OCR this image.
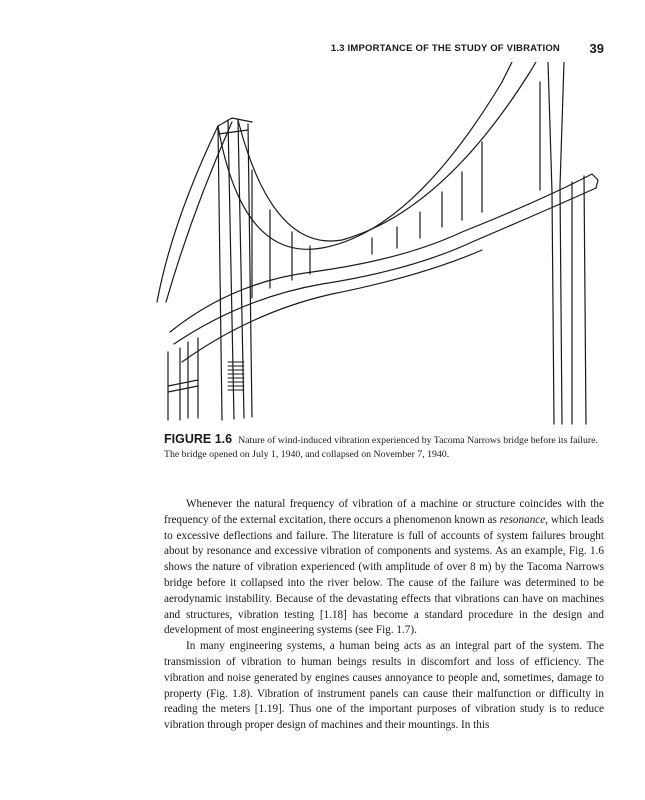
1.3 IMPORTANCE OF THE STUDY OF VIBRATION 39
FIGURE 1.6 Nature of wind-induced vibration experienced by Tacoma Narrows bridge before its failure. The bridge opened on July 1, 1940, and collapsed on November 7, 1940.

Whenever the natural frequency of vibration of a machine or structure coincides with the frequency of the external excitation, there occurs a phenomenon known as resonance, which leads to excessive deflections and failure. The literature is full of accounts of system failures brought about by resonance and excessive vibration of components and systems. As an example, Fig. 1.6 shows the nature of vibration experienced (with amplitude of over 8 m) by the Tacoma Narrows bridge before it collapsed into the river below. The cause of the failure was determined to be aerodynamic instability. Because of the devastating effects that vibrations can have on machines and structures, vibration testing [1.18] has become a standard procedure in the design and development of most engineering systems (see Fig. 1.7).

In many engineering systems, a human being acts as an integral part of the system. The transmission of vibration to human beings results in discomfort and loss of efficiency. The vibration and noise generated by engines causes annoyance to people and, sometimes, damage to property (Fig. 1.8). Vibration of instrument panels can cause their malfunction or difficulty in reading the meters [1.19]. Thus one of the important purposes of vibration study is to reduce vibration through proper design of machines and their mountings. In this
